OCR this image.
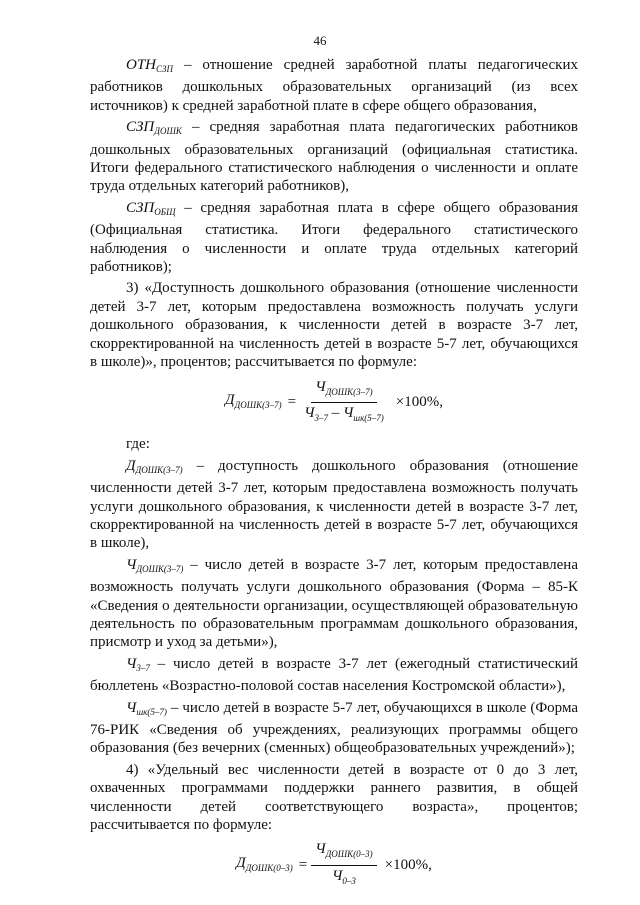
46

$ОТН_{СЗП}$ – отношение средней заработной платы педагогических работников дошкольных образовательных организаций (из всех источников) к средней заработной плате в сфере общего образования,

$СЗП_{ДОШК}$ – средняя заработная плата педагогических работников дошкольных образовательных организаций (официальная статистика. Итоги федерального статистического наблюдения о численности и оплате труда отдельных категорий работников),

$СЗП_{ОБЩ}$ – средняя заработная плата в сфере общего образования (Официальная статистика. Итоги федерального статистического наблюдения о численности и оплате труда отдельных категорий работников);

3) «Доступность дошкольного образования (отношение численности детей 3-7 лет, которым предоставлена возможность получать услуги дошкольного образования, к численности детей в возрасте 3-7 лет, скорректированной на численность детей в возрасте 5-7 лет, обучающихся в школе)», процентов; рассчитывается по формуле:

$Д_{ДОШК(3-7)} = \frac{Ч_{ДОШК(3-7)}}{Ч_{3-7} - Ч_{шк(5-7)}} \times 100\%$,

где:

$Д_{ДОШК(3-7)}$ – доступность дошкольного образования (отношение численности детей 3-7 лет, которым предоставлена возможность получать услуги дошкольного образования, к численности детей в возрасте 3-7 лет, скорректированной на численность детей в возрасте 5-7 лет, обучающихся в школе),

$Ч_{ДОШК(3-7)}$ – число детей в возрасте 3-7 лет, которым предоставлена возможность получать услуги дошкольного образования (Форма – 85-К «Сведения о деятельности организации, осуществляющей образовательную деятельность по образовательным программам дошкольного образования, присмотр и уход за детьми»),

$Ч_{3-7}$ – число детей в возрасте 3-7 лет (ежегодный статистический бюллетень «Возрастно-половой состав населения Костромской области»),

$Ч_{шк(5-7)}$ – число детей в возрасте 5-7 лет, обучающихся в школе (Форма 76-РИК «Сведения об учреждениях, реализующих программы общего образования (без вечерних (сменных) общеобразовательных учреждений»);

4) «Удельный вес численности детей в возрасте от 0 до 3 лет, охваченных программами поддержки раннего развития, в общей численности детей соответствующего возраста», процентов; рассчитывается по формуле:

$Д_{ДОШК(0-3)} = \frac{Ч_{ДОШК(0-3)}}{Ч_{0-3}} \times 100\%$,
